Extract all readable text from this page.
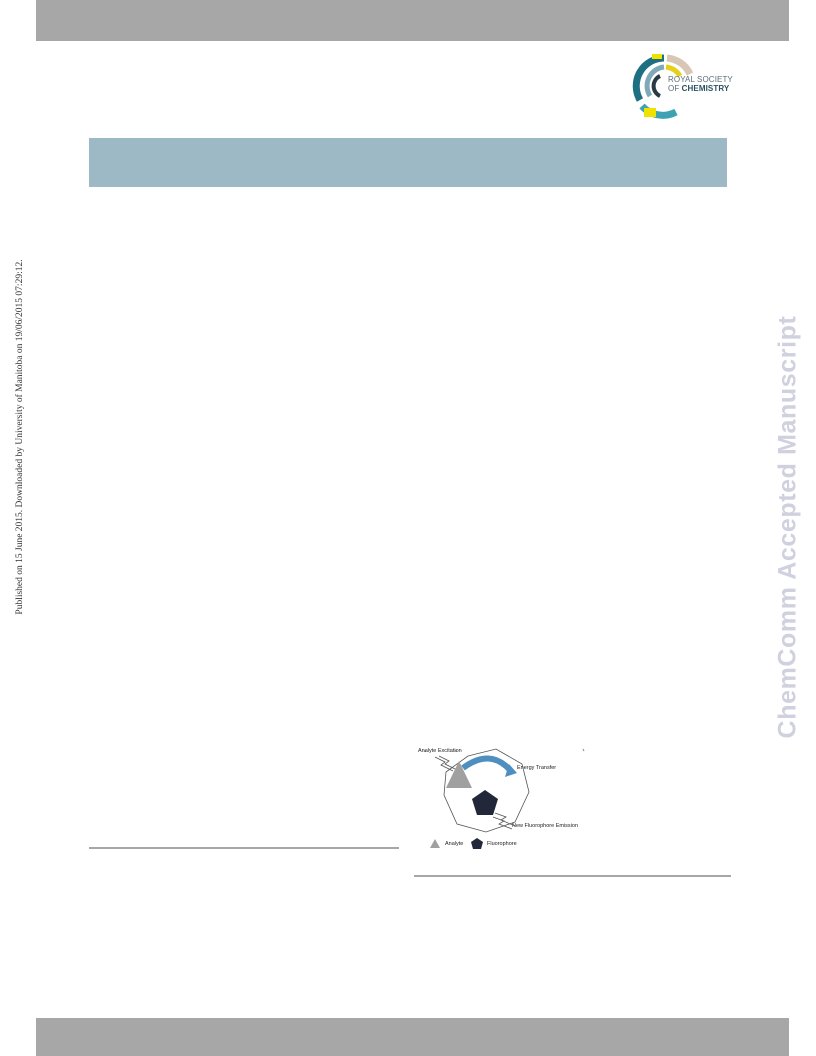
ROYAL SOCIETY
OF CHEMISTRY
Published on 15 June 2015. Downloaded by University of Manitoba on 19/06/2015 07:29:12.	ChemComm Accepted Manuscript
Analyte Excitation
Energy Transfer
New Fluorophore Emission
Analyte	Fluorophore
